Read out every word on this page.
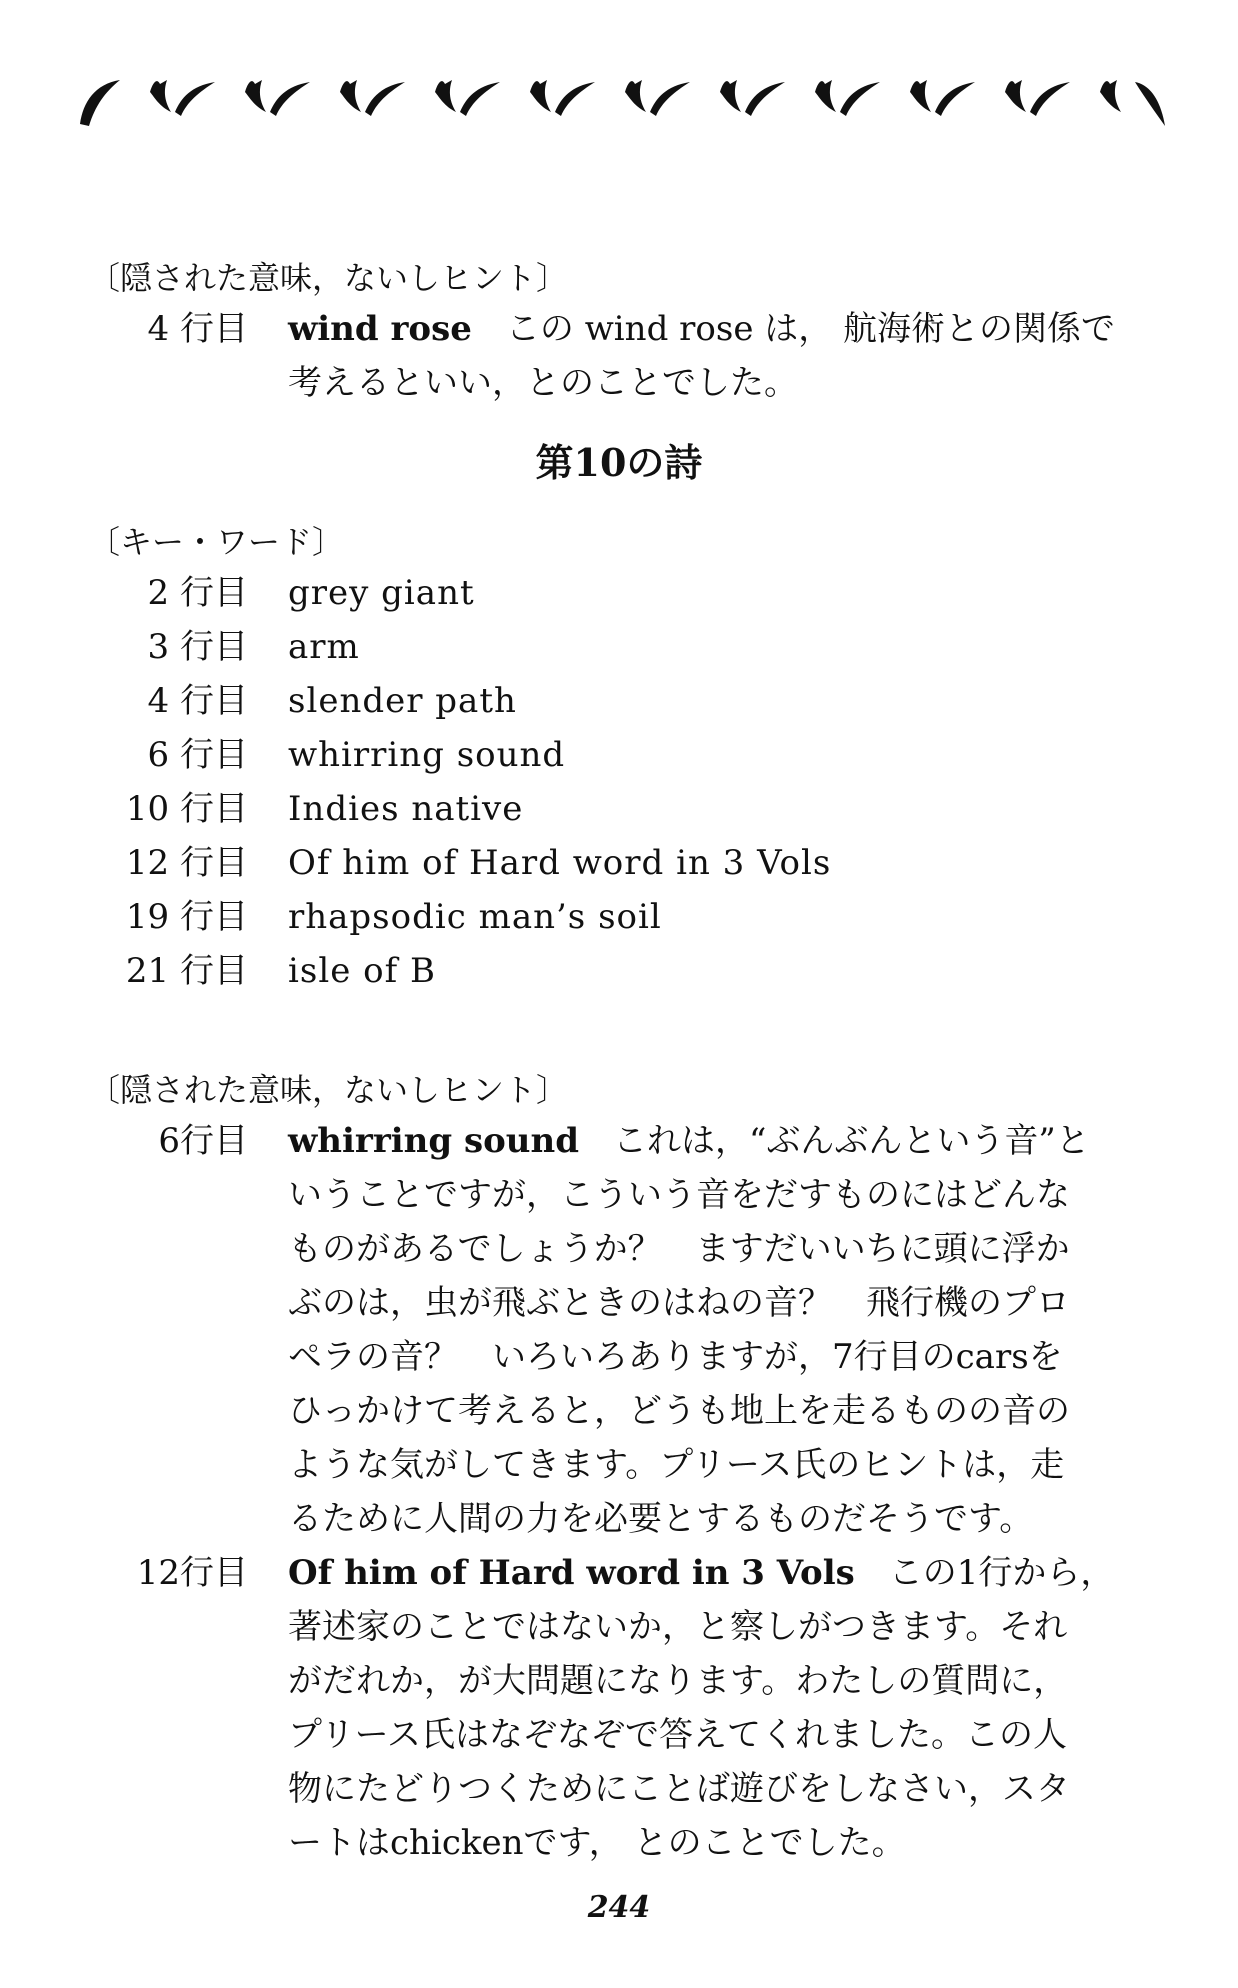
〔隠された意味，ないしヒント〕
4 行目 wind rose　 この wind rose は， 航海術との関係で
考えるといい，とのことでした。
第10の詩
〔キー・ワード〕
2 行目 grey giant
3 行目 arm
4 行目 slender path
6 行目 whirring sound
10 行目 Indies native
12 行目 Of him of Hard word in 3 Vols
19 行目 rhapsodic man’s soil
21 行目 isle of B
〔隠された意味，ないしヒント〕
6行目 whirring sound　 これは，“ぶんぶんという音”と
いうことですが，こういう音をだすものにはどんな
ものがあるでしょうか？　ますだいいちに頭に浮か
ぶのは，虫が飛ぶときのはねの音？　飛行機のプロ
ペラの音？　いろいろありますが，7行目のcarsを
ひっかけて考えると，どうも地上を走るものの音の
ような気がしてきます。プリース氏のヒントは，走
るために人間の力を必要とするものだそうです。
12行目 Of him of Hard word in 3 Vols　 この1行から，
著述家のことではないか，と察しがつきます。それ
がだれか，が大問題になります。わたしの質問に，
プリース氏はなぞなぞで答えてくれました。この人
物にたどりつくためにことば遊びをしなさい，スタ
ートはchickenです， とのことでした。
244
